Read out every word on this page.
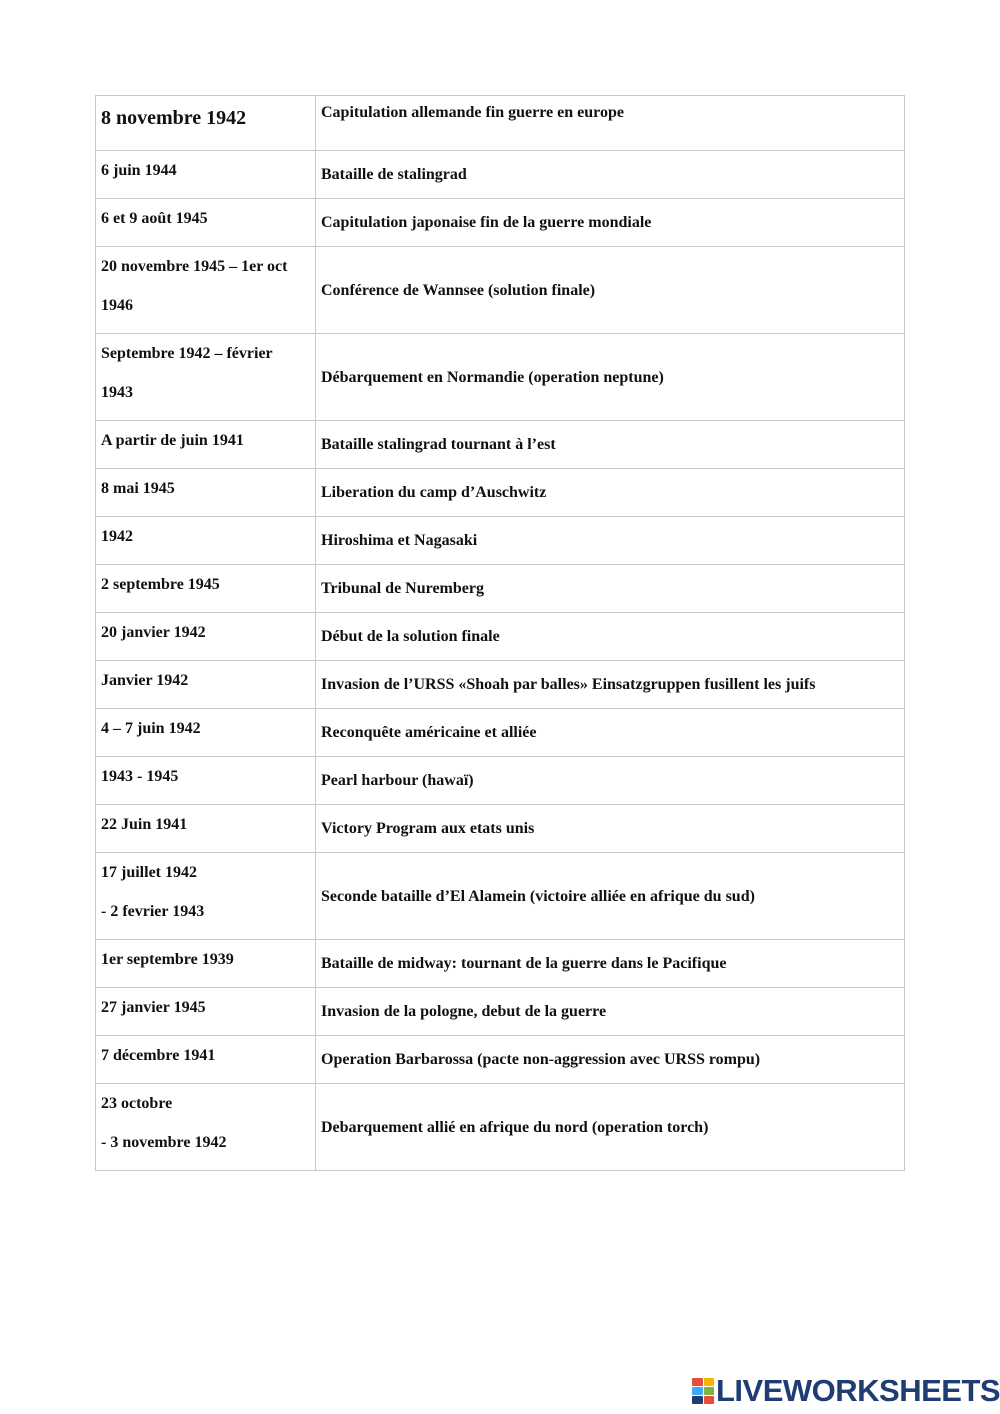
8 novembre 1942	Capitulation allemande fin guerre en europe

6 juin 1944	Bataille de stalingrad

6 et 9 août 1945	Capitulation japonaise fin de la guerre mondiale

20 novembre 1945 – 1er oct
1946	Conférence de Wannsee (solution finale)

Septembre 1942 – février
1943	Débarquement en Normandie (operation neptune)

A partir de juin 1941	Bataille stalingrad tournant à l’est

8 mai 1945	Liberation du camp d’Auschwitz

1942	Hiroshima et Nagasaki

2 septembre 1945	Tribunal de Nuremberg

20 janvier 1942	Début de la solution finale

Janvier 1942	Invasion de l’URSS «Shoah par balles» Einsatzgruppen fusillent les juifs

4 – 7 juin 1942	Reconquête américaine et alliée

1943 - 1945	Pearl harbour (hawaï)

22 Juin 1941	Victory Program aux etats unis

17 juillet 1942
- 2 fevrier 1943	Seconde bataille d’El Alamein (victoire alliée en afrique du sud)

1er septembre 1939	Bataille de midway: tournant de la guerre dans le Pacifique

27 janvier 1945	Invasion de la pologne, debut de la guerre

7 décembre 1941	Operation Barbarossa (pacte non-aggression avec URSS rompu)

23 octobre
- 3 novembre 1942	Debarquement allié en afrique du nord (operation torch)
LIVEWORKSHEETS
